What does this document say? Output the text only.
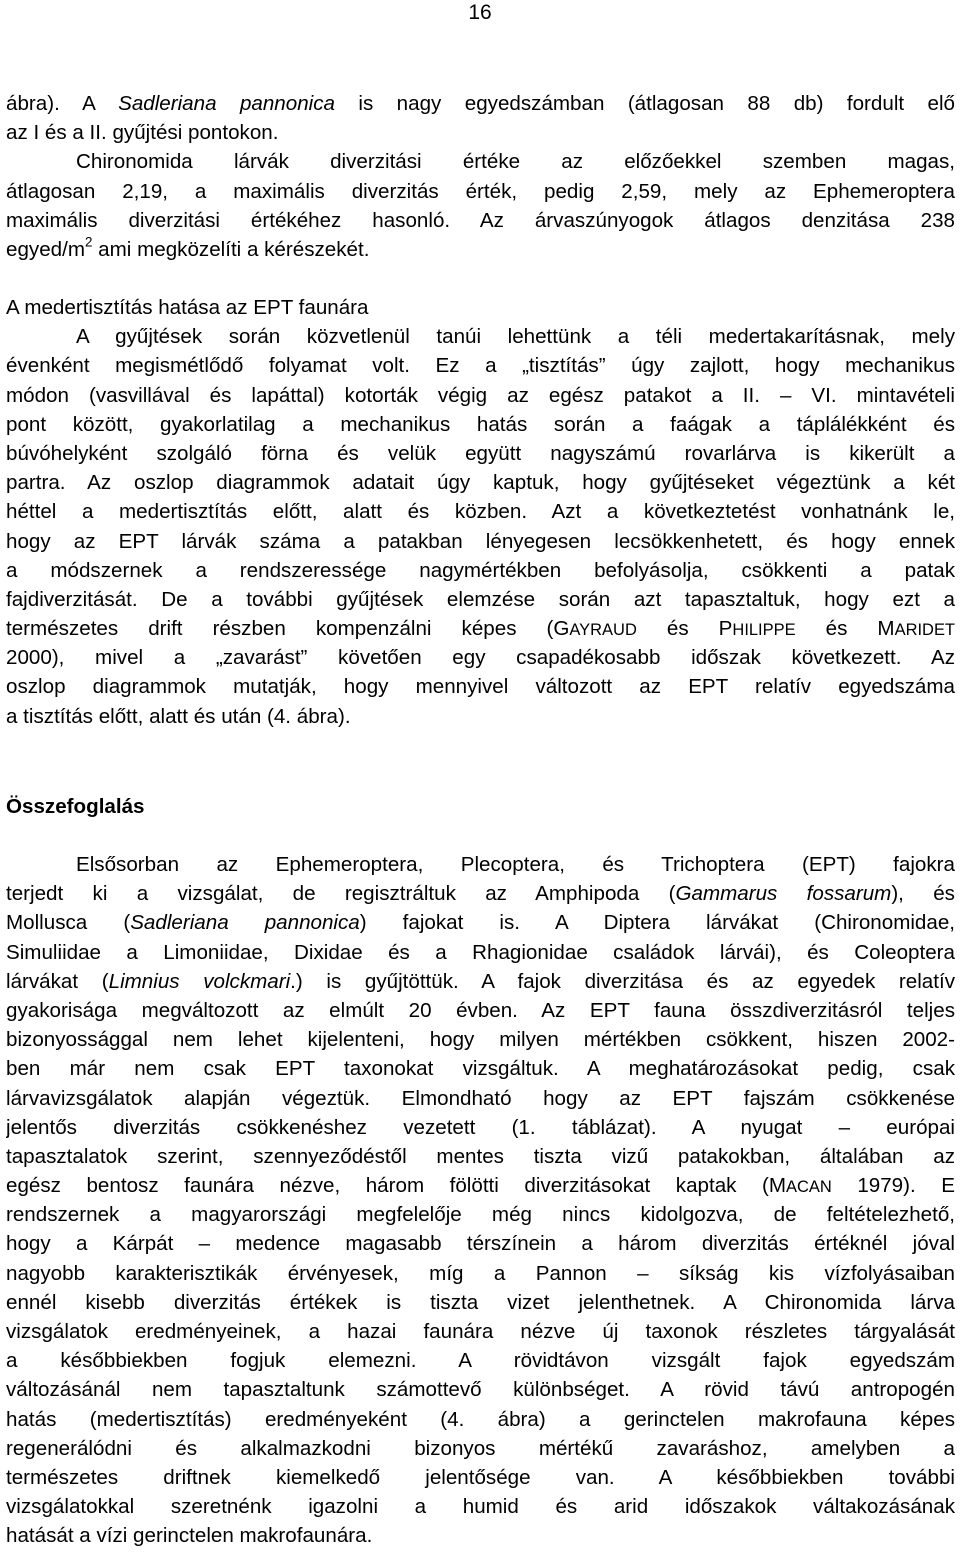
16
ábra). A Sadleriana pannonica is nagy egyedszámban (átlagosan 88 db) fordult elő
az I és a II. gyűjtési pontokon.
Chironomida lárvák diverzitási értéke az előzőekkel szemben magas,
átlagosan 2,19, a maximális diverzitás érték, pedig 2,59, mely az Ephemeroptera
maximális diverzitási értékéhez hasonló. Az árvaszúnyogok átlagos denzitása 238
egyed/$m^2$ ami megközelíti a kérészekét.
A medertisztítás hatása az EPT faunára
A gyűjtések során közvetlenül tanúi lehettünk a téli medertakarításnak, mely
évenként megismétlődő folyamat volt. Ez a „tisztítás” úgy zajlott, hogy mechanikus
módon (vasvillával és lapáttal) kotorták végig az egész patakot a II. – VI. mintavételi
pont között, gyakorlatilag a mechanikus hatás során a faágak a táplálékként és
búvóhelyként szolgáló förna és velük együtt nagyszámú rovarlárva is kikerült a
partra. Az oszlop diagrammok adatait úgy kaptuk, hogy gyűjtéseket végeztünk a két
héttel a medertisztítás előtt, alatt és közben. Azt a következtetést vonhatnánk le,
hogy az EPT lárvák száma a patakban lényegesen lecsökkenhetett, és hogy ennek
a módszernek a rendszeressége nagymértékben befolyásolja, csökkenti a patak
fajdiverzitását. De a további gyűjtések elemzése során azt tapasztaltuk, hogy ezt a
természetes drift részben kompenzálni képes (GAYRAUD és PHILIPPE és MARIDET
2000), mivel a „zavarást” követően egy csapadékosabb időszak következett. Az
oszlop diagrammok mutatják, hogy mennyivel változott az EPT relatív egyedszáma
a tisztítás előtt, alatt és után (4. ábra).
Összefoglalás
Elsősorban az Ephemeroptera, Plecoptera, és Trichoptera (EPT) fajokra
terjedt ki a vizsgálat, de regisztráltuk az Amphipoda (Gammarus fossarum), és
Mollusca (Sadleriana pannonica) fajokat is. A Diptera lárvákat (Chironomidae,
Simuliidae a Limoniidae, Dixidae és a Rhagionidae családok lárvái), és Coleoptera
lárvákat (Limnius volckmari.) is gyűjtöttük. A fajok diverzitása és az egyedek relatív
gyakorisága megváltozott az elmúlt 20 évben. Az EPT fauna összdiverzitásról teljes
bizonyossággal nem lehet kijelenteni, hogy milyen mértékben csökkent, hiszen 2002-
ben már nem csak EPT taxonokat vizsgáltuk. A meghatározásokat pedig, csak
lárvavizsgálatok alapján végeztük. Elmondható hogy az EPT fajszám csökkenése
jelentős diverzitás csökkenéshez vezetett (1. táblázat). A nyugat – európai
tapasztalatok szerint, szennyeződéstől mentes tiszta vizű patakokban, általában az
egész bentosz faunára nézve, három fölötti diverzitásokat kaptak (MACAN 1979). E
rendszernek a magyarországi megfelelője még nincs kidolgozva, de feltételezhető,
hogy a Kárpát – medence magasabb térszínein a három diverzitás értéknél jóval
nagyobb karakterisztikák érvényesek, míg a Pannon – síkság kis vízfolyásaiban
ennél kisebb diverzitás értékek is tiszta vizet jelenthetnek. A Chironomida lárva
vizsgálatok eredményeinek, a hazai faunára nézve új taxonok részletes tárgyalását
a későbbiekben fogjuk elemezni. A rövidtávon vizsgált fajok egyedszám
változásánál nem tapasztaltunk számottevő különbséget. A rövid távú antropogén
hatás (medertisztítás) eredményeként (4. ábra) a gerinctelen makrofauna képes
regenerálódni és alkalmazkodni bizonyos mértékű zavaráshoz, amelyben a
természetes driftnek kiemelkedő jelentősége van. A későbbiekben további
vizsgálatokkal szeretnénk igazolni a humid és arid időszakok váltakozásának
hatását a vízi gerinctelen makrofaunára.
